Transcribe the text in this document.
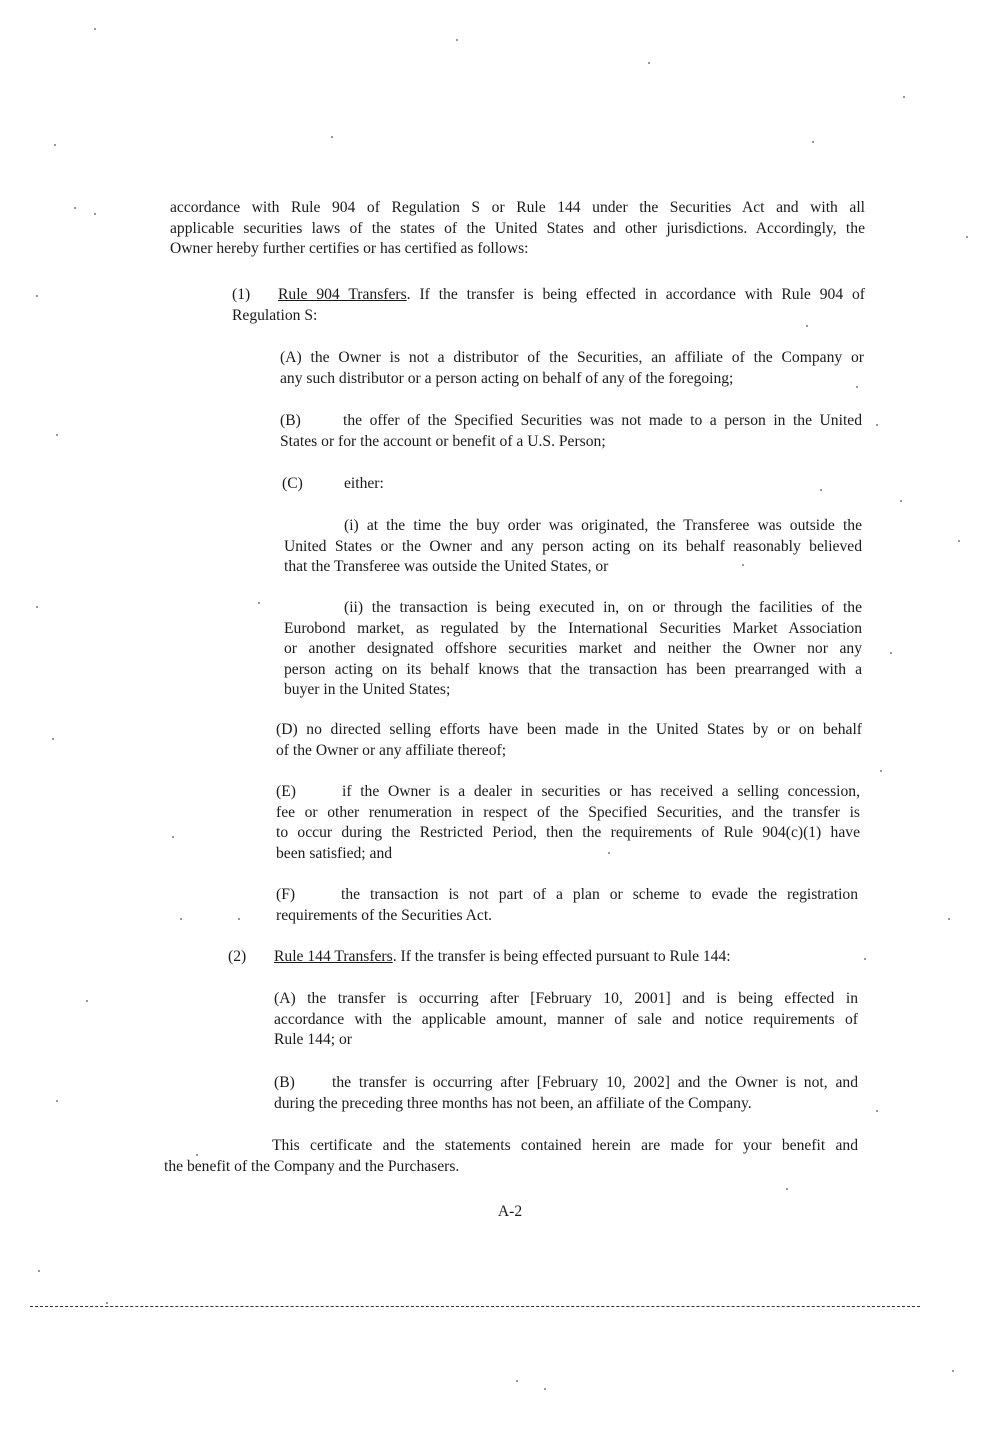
accordance with Rule 904 of Regulation S or Rule 144 under the Securities Act and with all
applicable securities laws of the states of the United States and other jurisdictions. Accordingly, the
Owner hereby further certifies or has certified as follows:
(1) Rule 904 Transfers. If the transfer is being effected in accordance with Rule 904 of
Regulation S:
(A) the Owner is not a distributor of the Securities, an affiliate of the Company or
any such distributor or a person acting on behalf of any of the foregoing;
(B)	the offer of the Specified Securities was not made to a person in the United
States or for the account or benefit of a U.S. Person;
(C)	either:
(i) at the time the buy order was originated, the Transferee was outside the
United States or the Owner and any person acting on its behalf reasonably believed
that the Transferee was outside the United States, or
(ii) the transaction is being executed in, on or through the facilities of the
Eurobond market, as regulated by the International Securities Market Association
or another designated offshore securities market and neither the Owner nor any
person acting on its behalf knows that the transaction has been prearranged with a
buyer in the United States;
(D) no directed selling efforts have been made in the United States by or on behalf
of the Owner or any affiliate thereof;
(E)	if the Owner is a dealer in securities or has received a selling concession,
fee or other renumeration in respect of the Specified Securities, and the transfer is
to occur during the Restricted Period, then the requirements of Rule 904(c)(1) have
been satisfied; and
(F)	the transaction is not part of a plan or scheme to evade the registration
requirements of the Securities Act.
(2) Rule 144 Transfers. If the transfer is being effected pursuant to Rule 144:
(A) the transfer is occurring after [February 10, 2001] and is being effected in
accordance with the applicable amount, manner of sale and notice requirements of
Rule 144; or
(B) the transfer is occurring after [February 10, 2002] and the Owner is not, and
during the preceding three months has not been, an affiliate of the Company.
This certificate and the statements contained herein are made for your benefit and
the benefit of the Company and the Purchasers.
A-2
